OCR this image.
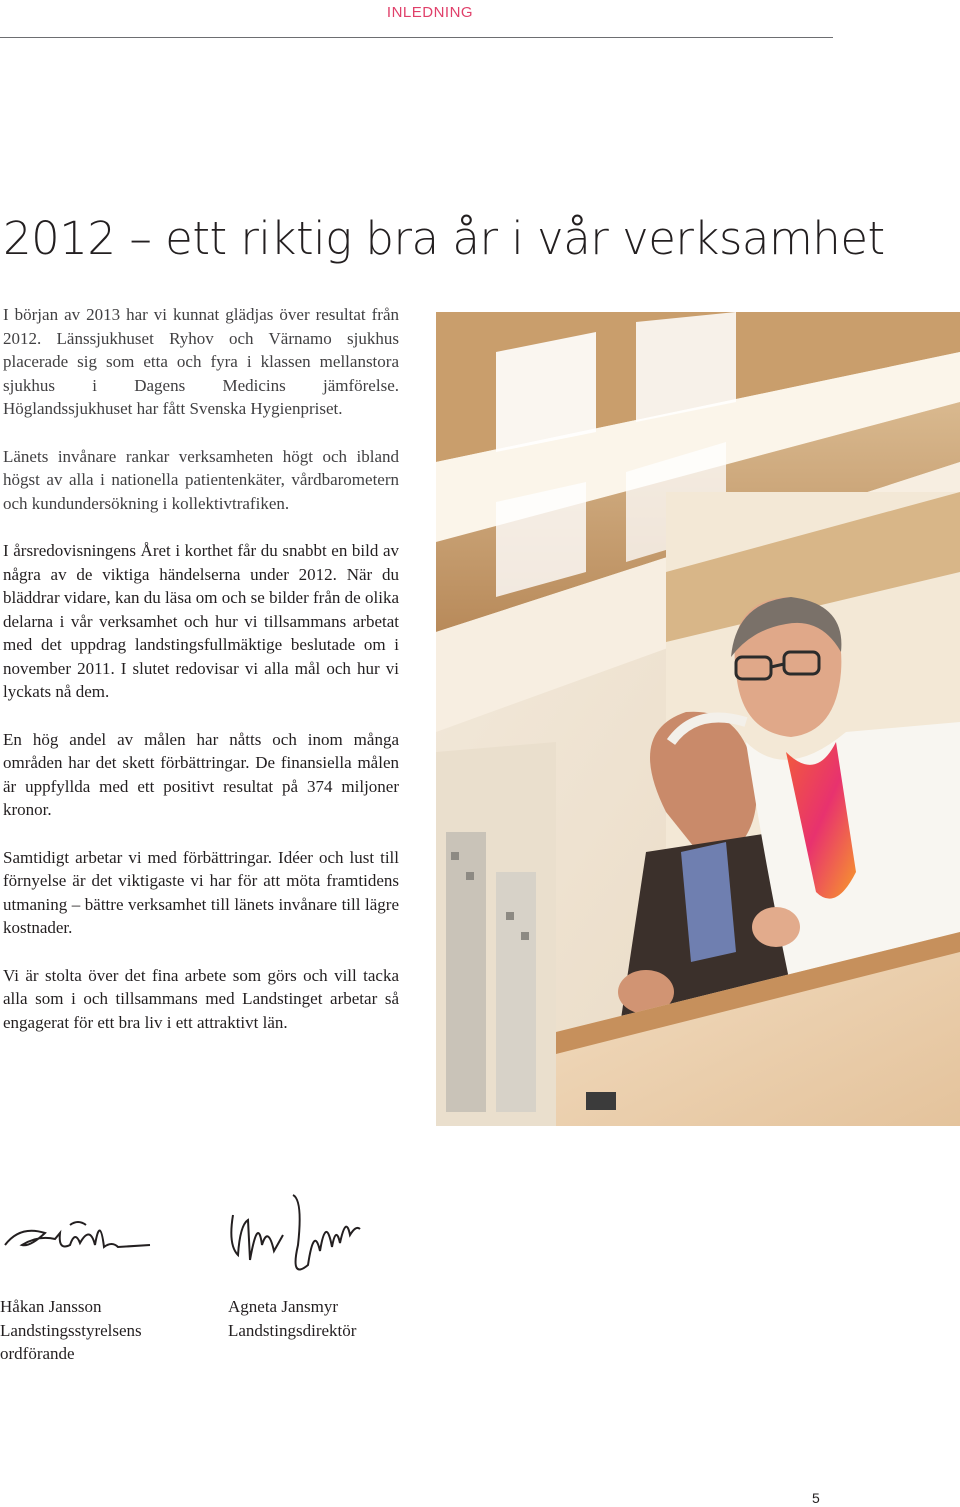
INLEDNING
2012 – ett riktig bra år i vår verksamhet

I början av 2013 har vi kunnat glädjas över resultat från 2012. Länssjukhuset Ryhov och Värnamo sjukhus placerade sig som etta och fyra i klassen mellanstora sjukhus i Dagens Medicins jämförelse. Höglandssjukhuset har fått Svenska Hygienpriset.

Länets invånare rankar verksamheten högt och ibland högst av alla i nationella patientenkäter, vårdbarometern och kundundersökning i kollektivtrafiken.

I årsredovisningens Året i korthet får du snabbt en bild av några av de viktiga händelserna under 2012. När du bläddrar vidare, kan du läsa om och se bilder från de olika delarna i vår verksamhet och hur vi tillsammans arbetat med det uppdrag landstingsfullmäktige beslutade om i november 2011. I slutet redovisar vi alla mål och hur vi lyckats nå dem.

En hög andel av målen har nåtts och inom många områden har det skett förbättringar. De finansiella målen är uppfyllda med ett positivt resultat på 374 miljoner kronor.

Samtidigt arbetar vi med förbättringar. Idéer och lust till förnyelse är det viktigaste vi har för att möta framtidens utmaning – bättre verksamhet till länets invånare till lägre kostnader.

Vi är stolta över det fina arbete som görs och vill tacka alla som i och tillsammans med Landstinget arbetar så engagerat för ett bra liv i ett attraktivt län.

Håkan Jansson
Landstingsstyrelsens ordförande
Agneta Jansmyr
Landstingsdirektör
5
